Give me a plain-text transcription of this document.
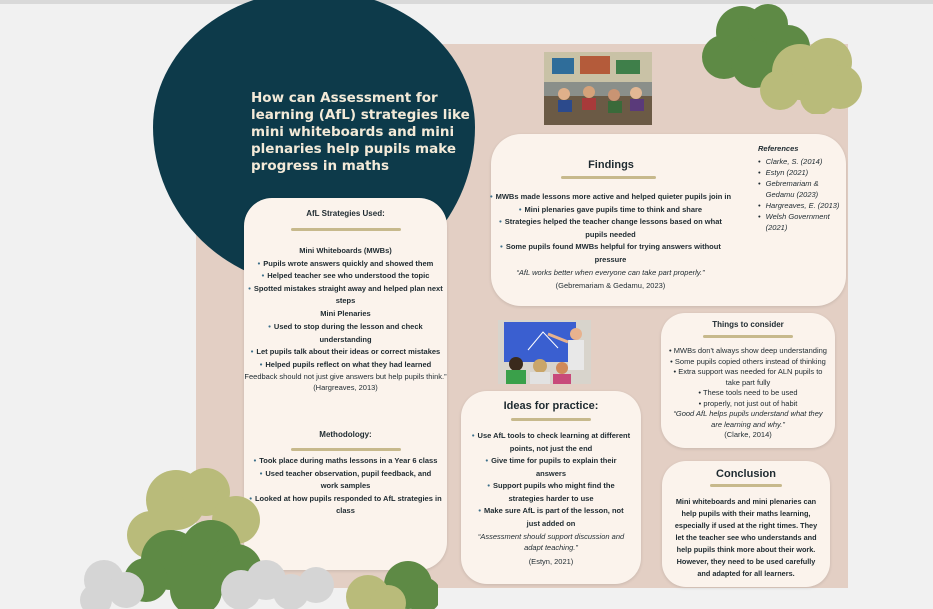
How can Assessment for learning (AfL) strategies like mini whiteboards and mini plenaries help pupils make progress in maths
AfL Strategies Used:
Mini Whiteboards (MWBs)
• Pupils wrote answers quickly and showed them
• Helped teacher see who understood the topic
• Spotted mistakes straight away and helped plan next steps
Mini Plenaries
• Used to stop during the lesson and check understanding
• Let pupils talk about their ideas or correct mistakes
• Helped pupils reflect on what they had learned
Feedback should not just give answers but help pupils think.”
(Hargreaves, 2013)
Methodology:
• Took place during maths lessons in a Year 6 class
• Used teacher observation, pupil feedback, and work samples
• Looked at how pupils responded to AfL strategies in class
Findings
• MWBs made lessons more active and helped quieter pupils join in
• Mini plenaries gave pupils time to think and share
• Strategies helped the teacher change lessons based on what pupils needed
• Some pupils found MWBs helpful for trying answers without pressure
“AfL works better when everyone can take part properly.”
(Gebremariam & Gedamu, 2023)
References
• Clarke, S. (2014)
• Estyn (2021)
• Gebremariam & Gedamu (2023)
• Hargreaves, E. (2013)
• Welsh Government (2021)
Ideas for practice:
• Use AfL tools to check learning at different points, not just the end
• Give time for pupils to explain their answers
• Support pupils who might find the strategies harder to use
• Make sure AfL is part of the lesson, not just added on
“Assessment should support discussion and adapt teaching.”
(Estyn, 2021)
Things to consider
• MWBs don't always show deep understanding
• Some pupils copied others instead of thinking
• Extra support was needed for ALN pupils to take part fully
• These tools need to be used
• properly, not just out of habit
“Good AfL helps pupils understand what they are learning and why.”
(Clarke, 2014)
Conclusion
Mini whiteboards and mini plenaries can help pupils with their maths learning, especially if used at the right times. They let the teacher see who understands and help pupils think more about their work. However, they need to be used carefully and adapted for all learners.
